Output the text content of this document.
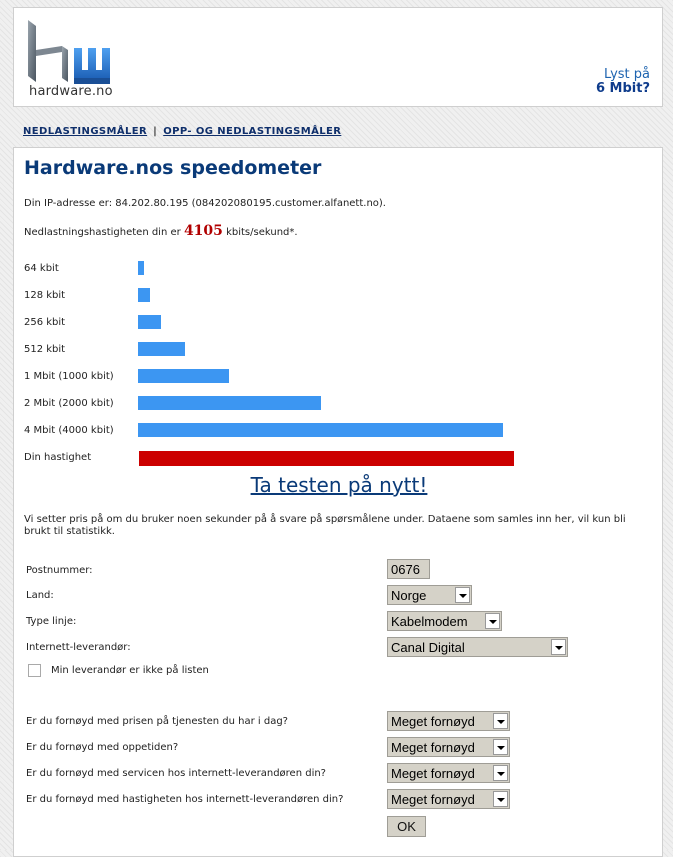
hardware.no
Lyst på
6 Mbit?
NEDLASTINGSMÅLER | OPP- OG NEDLASTINGSMÅLER
Hardware.nos speedometer
Din IP-adresse er: 84.202.80.195 (084202080195.customer.alfanett.no).
Nedlastningshastigheten din er 4105 kbits/sekund*.
64 kbit
128 kbit
256 kbit
512 kbit
1 Mbit (1000 kbit)
2 Mbit (2000 kbit)
4 Mbit (4000 kbit)
Din hastighet
Ta testen på nytt!
Vi setter pris på om du bruker noen sekunder på å svare på spørsmålene under. Dataene som samles inn her, vil kun bli brukt til statistikk.
Postnummer:	0676
Land:	Norge
Type linje:	Kabelmodem
Internett-leverandør:	Canal Digital
Min leverandør er ikke på listen
Er du fornøyd med prisen på tjenesten du har i dag?	Meget fornøyd
Er du fornøyd med oppetiden?	Meget fornøyd
Er du fornøyd med servicen hos internett-leverandøren din?	Meget fornøyd
Er du fornøyd med hastigheten hos internett-leverandøren din?	Meget fornøyd
OK
